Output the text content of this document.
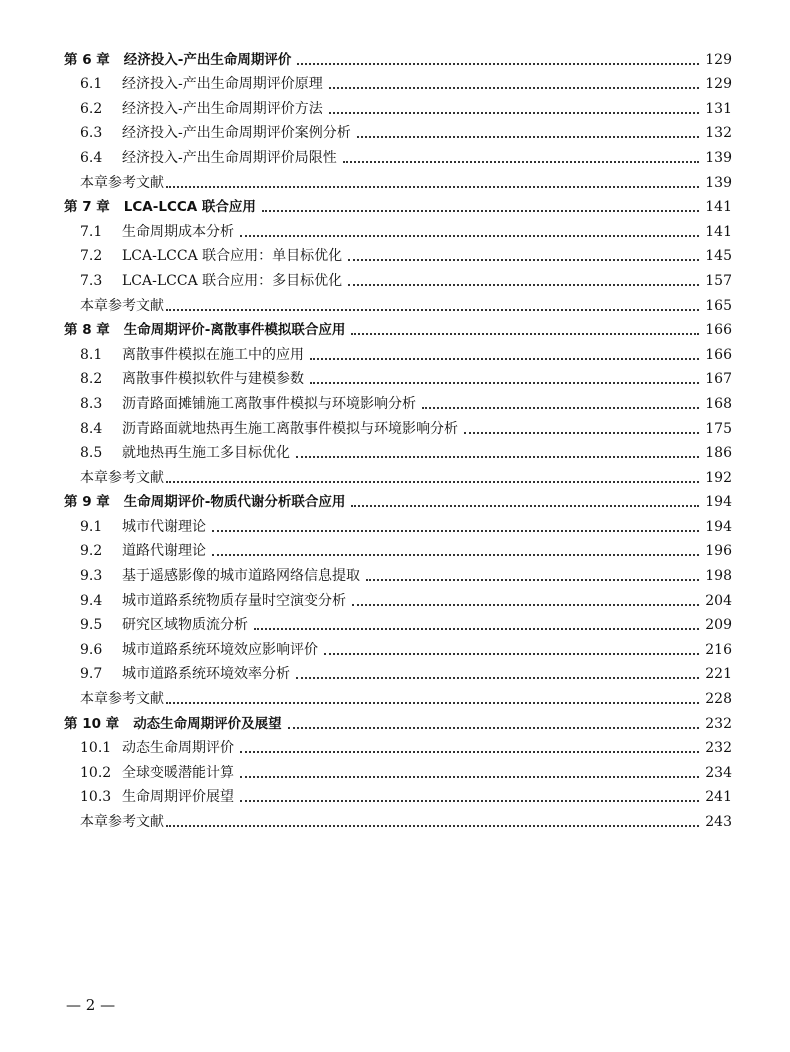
第 6 章 经济投入-产出生命周期评价	129
6.1	经济投入-产出生命周期评价原理	129
6.2	经济投入-产出生命周期评价方法	131
6.3	经济投入-产出生命周期评价案例分析	132
6.4	经济投入-产出生命周期评价局限性	139
本章参考文献	139
第 7 章 LCA-LCCA 联合应用	141
7.1	生命周期成本分析	141
7.2	LCA-LCCA 联合应用：单目标优化	145
7.3	LCA-LCCA 联合应用：多目标优化	157
本章参考文献	165
第 8 章 生命周期评价-离散事件模拟联合应用	166
8.1	离散事件模拟在施工中的应用	166
8.2	离散事件模拟软件与建模参数	167
8.3	沥青路面摊铺施工离散事件模拟与环境影响分析	168
8.4	沥青路面就地热再生施工离散事件模拟与环境影响分析	175
8.5	就地热再生施工多目标优化	186
本章参考文献	192
第 9 章 生命周期评价-物质代谢分析联合应用	194
9.1	城市代谢理论	194
9.2	道路代谢理论	196
9.3	基于遥感影像的城市道路网络信息提取	198
9.4	城市道路系统物质存量时空演变分析	204
9.5	研究区域物质流分析	209
9.6	城市道路系统环境效应影响评价	216
9.7	城市道路系统环境效率分析	221
本章参考文献	228
第 10 章 动态生命周期评价及展望	232
10.1 动态生命周期评价	232
10.2 全球变暖潜能计算	234
10.3 生命周期评价展望	241
本章参考文献	243
— 2 —
